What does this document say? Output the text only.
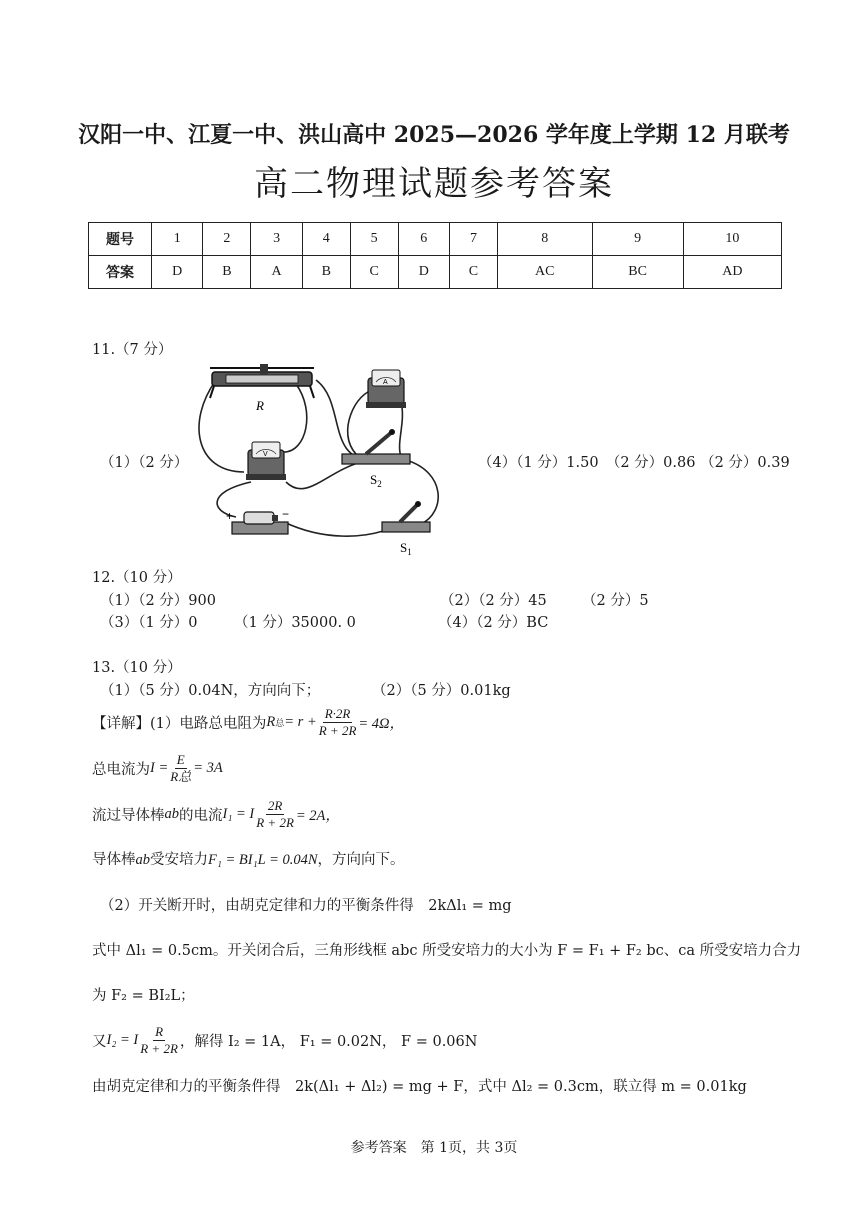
汉阳一中、江夏一中、洪山高中 2025—2026 学年度上学期 12 月联考
高二物理试题参考答案
题号	1	2	3	4	5	6	7	8	9	10
答案	D	B	A	B	C	D	C	AC	BC	AD
11.（7 分）
（1）（2 分）	（4）（1 分）1.50　（2 分）0.86 （2 分）0.39
R
A
V
$S_2$
+	−
$S_1$
12.（10 分）
（1）（2 分）900	（2）（2 分）45 （2 分）5
（3）（1 分）0	（1 分）35000. 0	（4）（2 分）BC
13.（10 分）
（1）（5 分）0.04N，方向向下；	（2）（5 分）0.01kg
【详解】(1）电路总电阻为 R 总 = $r + \frac{R\cdot 2R}{R + 2R} = 4\Omega$，
总电流为 $I = \frac{E}{\text{R总}} = 3A$
流过导体棒 ab 的电流 I₁ = I $\frac{2R}{R + 2R} = 2A$，
导体棒ab受安培力F₁ = BI₁L = 0.04N，方向向下。
（2）开关断开时，由胡克定律和力的平衡条件得　2kΔl₁ = mg
式中 Δl₁ = 0.5cm。开关闭合后，三角形线框 abc 所受安培力的大小为 F = F₁ + F₂ bc、ca 所受安培力合力
为 F₂ = BI₂L；
又 I₂ = I $\frac{R}{R + 2R}$ ，解得 I₂ = 1A， F₁ = 0.02N， F = 0.06N
由胡克定律和力的平衡条件得　2k(Δl₁ + Δl₂) = mg + F，式中 Δl₂ = 0.3cm，联立得 m = 0.01kg
参考答案　第 1页，共 3页
